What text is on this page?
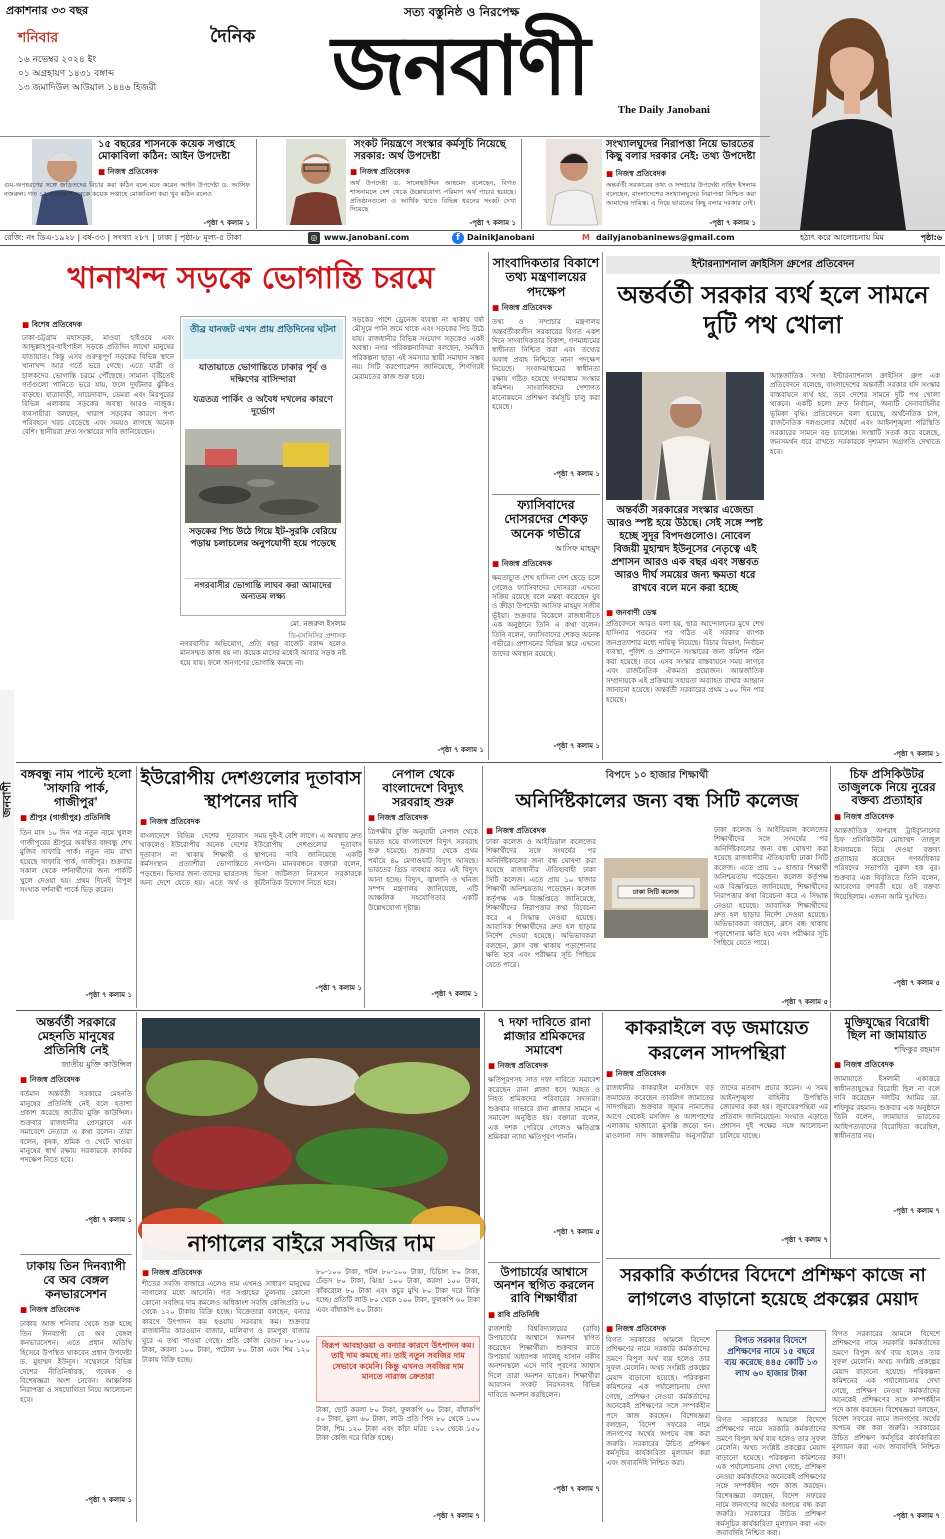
প্রকাশনার ৩৩ বছর
শনিবার
১৬ নভেম্বর ২০২৪ ইং
০১ অগ্রহায়ণ ১৪৩১ বঙ্গাব্দ
১৩ জমাদিউল আউয়াল ১৪৪৬ হিজরী
দৈনিক
সত্য বস্তুনিষ্ঠ ও নিরপেক্ষ
জনবাণী	The Daily Janobani
১৫ বছরের শাসনকে কয়েক সপ্তাহে মোকাবিলা কঠিন: আইন উপদেষ্টা
■ নিজস্ব প্রতিবেদক
গুম-অপহরণের সঙ্গে জড়িতদের বিচার করা কঠিন বলে মনে করেন আইন উপদেষ্টা ড. আসিফ নজরুল। গত ১৫ বছরের শাসনকে কয়েক সপ্তাহে মোকাবিলা করা খুব কঠিন বলেও
-পৃষ্ঠা ৭ কলাম ১
সংকট নিয়ন্ত্রণে সংস্কার কর্মসূচি নিয়েছে সরকার: অর্থ উপদেষ্টা
■ নিজস্ব প্রতিবেদক
অর্থ উপদেষ্টা ড. সালেহউদ্দিন আহমেদ বলেছেন, বিগত শাসনামলে দেশ থেকে উল্লেখযোগ্য পরিমাণ অর্থ পাচার হয়েছে। প্রতিষ্ঠানগুলো ও আর্থিক খাতে বিভিন্ন ধরনের সংকট দেখা দিয়েছে
-পৃষ্ঠা ৭ কলাম ১
সংখ্যালঘুদের নিরাপত্তা নিয়ে ভারতের কিছু বলার দরকার নেই: তথ্য উপদেষ্টা
■ নিজস্ব প্রতিবেদক
অন্তর্বর্তী সরকারের তথ্য ও সম্প্রচার উপদেষ্টা নাহিদ ইসলাম বলেছেন, বাংলাদেশের সংখ্যালঘুদের নিরাপত্তা নিশ্চিত করা আমাদের দায়িত্ব। এ নিয়ে ভারতের কিছু বলার দরকার নেই।
-পৃষ্ঠা ৭ কলাম ১
রেজি: নং ডিএ-১৯২৮ | বর্ষ-৩৩ | সংখ্যা ২৮৭ | ঢাকা | পৃষ্ঠা-৮ মূল্য-৫ টাকা	◎ www.janobani.com	f DainikJanobani	M dailyjanobaninews@gmail.com	হঠাৎ করে আলোচনায় মিম	পৃষ্ঠা:৬
জনবাণী
খানাখন্দ সড়কে ভোগান্তি চরমে
■ বিশেষ প্রতিবেদক
ঢাকা-চট্টগ্রাম মহাসড়ক, মাওয়া হাইওয়ে এবং আব্দুল্লাহপুর-বাইপাইল সড়কে প্রতিদিন লাখো মানুষের যাতায়াত। কিন্তু এসব গুরুত্বপূর্ণ সড়কের বিভিন্ন স্থানে খানাখন্দ আর গর্তে ভরে গেছে। এতে যাত্রী ও চালকদের ভোগান্তি চরমে পৌঁছেছে। সামান্য বৃষ্টিতেই গর্তগুলো পানিতে ভরে যায়, ফলে দুর্ঘটনার ঝুঁকিও বাড়ছে। যাত্রাবাড়ী, সায়েদাবাদ, ডেমরা এবং মিরপুরের বিভিন্ন এলাকায় সড়কের অবস্থা আরও নাজুক। ব্যবসায়ীরা বলছেন, খারাপ সড়কের কারণে পণ্য পরিবহনে খরচ বেড়েছে এবং সময়ও লাগছে অনেক বেশি। স্থানীয়রা দ্রুত সংস্কারের দাবি জানিয়েছেন।
তীব্র যানজট এখন প্রায় প্রতিদিনের ঘটনা
যাতায়াতে ভোগান্তিতে ঢাকার পূর্ব ও দক্ষিণের বাসিন্দারা
যত্রতত্র পার্কিং ও অবৈধ দখলের কারণে দুর্ভোগ
সড়কের পিচ উঠে গিয়ে ইট-সুরকি বেরিয়ে পড়ায় চলাচলের অনুপযোগী হয়ে পড়েছে
নগরবাসীর ভোগান্তি লাঘব করা আমাদের অন্যতম লক্ষ্য
মো. নজরুল ইসলাম
ডিএসসিসির প্রশাসক
নগরবাসীর অভিযোগ, প্রতি বছর বাজেট বরাদ্দ হলেও মানসম্মত কাজ হয় না। কয়েক মাসের মধ্যেই আবার সড়ক নষ্ট হয়ে যায়। ফলে জনগণের ভোগান্তি কমছে না।
সড়কের পাশে ড্রেনেজ ব্যবস্থা না থাকায় বর্ষা মৌসুমে পানি জমে থাকে এবং সড়কের পিচ উঠে যায়। রাজধানীর বিভিন্ন সংযোগ সড়কেও একই অবস্থা। নগর পরিকল্পনাবিদরা বলছেন, সমন্বিত পরিকল্পনা ছাড়া এই সমস্যার স্থায়ী সমাধান সম্ভব নয়। সিটি করপোরেশন জানিয়েছে, শিগগিরই মেরামতের কাজ শুরু হবে।
-পৃষ্ঠা ৭ কলাম ১
সাংবাদিকতার বিকাশে তথ্য মন্ত্রণালয়ের পদক্ষেপ
■ নিজস্ব প্রতিবেদক
তথ্য ও সম্প্রচার মন্ত্রণালয় অন্তর্বর্তীকালীন সরকারের বিগত একশ দিনে সাংবাদিকতার বিকাশ, গণমাধ্যমের স্বাধীনতা নিশ্চিত করা এবং তথ্যের অবাধ প্রবাহ নিশ্চিতে নানা পদক্ষেপ নিয়েছে। সংবাদমাধ্যমের স্বাধীনতা রক্ষায় গঠিত হয়েছে গণমাধ্যম সংস্কার কমিশন। সাংবাদিকদের পেশাগত মানোন্নয়নে প্রশিক্ষণ কর্মসূচি চালু করা হয়েছে।
-পৃষ্ঠা ৭ কলাম ১
ফ্যাসিবাদের দোসরদের শেকড় অনেক গভীরে
আসিফ মাহমুদ
■ নিজস্ব প্রতিবেদক
ক্ষমতাচ্যুত শেখ হাসিনা দেশ ছেড়ে চলে গেলেও ফ্যাসিবাদের দোসররা এখনো সক্রিয় রয়েছে বলে মন্তব্য করেছেন যুব ও ক্রীড়া উপদেষ্টা আসিফ মাহমুদ সজীব ভূঁইয়া। শুক্রবার বিকেলে রাজধানীতে এক অনুষ্ঠানে তিনি এ কথা বলেন। তিনি বলেন, ফ্যাসিবাদের শেকড় অনেক গভীরে। প্রশাসনের বিভিন্ন স্তরে এখনো তাদের অবস্থান রয়েছে।
-পৃষ্ঠা ৭ কলাম ১
ইন্টারন্যাশনাল ক্রাইসিস গ্রুপের প্রতিবেদন
অন্তর্বর্তী সরকার ব্যর্থ হলে সামনে দুটি পথ খোলা
আন্তর্জাতিক সংস্থা ইন্টারন্যাশনাল ক্রাইসিস গ্রুপ এক প্রতিবেদনে বলেছে, বাংলাদেশের অন্তর্বর্তী সরকার যদি সংস্কার বাস্তবায়নে ব্যর্থ হয়, তবে দেশের সামনে দুটি পথ খোলা থাকবে। একটি হলো দ্রুত নির্বাচন, অন্যটি সেনাবাহিনীর ভূমিকা বৃদ্ধি। প্রতিবেদনে বলা হয়েছে, অর্থনৈতিক চাপ, রাজনৈতিক দলগুলোর অধৈর্য এবং আইনশৃঙ্খলা পরিস্থিতি সরকারের সামনে বড় চ্যালেঞ্জ। সংস্থাটি সতর্ক করে বলেছে, জনসমর্থন ধরে রাখতে সরকারকে দৃশ্যমান অগ্রগতি দেখাতে হবে।
অন্তর্বর্তী সরকারের সংস্কার এজেন্ডা আরও স্পষ্ট হয়ে উঠছে। সেই সঙ্গে স্পষ্ট হচ্ছে সুদূর বিপদগুলোও। নোবেল বিজয়ী মুহাম্মদ ইউনূসের নেতৃত্বে এই প্রশাসন আরও এক বছর এবং সম্ভবত আরও দীর্ঘ সময়ের জন্য ক্ষমতা ধরে রাখবে বলে মনে করা হচ্ছে
■ জনবাণী ডেস্ক
প্রতিবেদনে আরও বলা হয়, ছাত্র আন্দোলনের মুখে শেখ হাসিনার পতনের পর গঠিত এই সরকার ব্যাপক জনপ্রত্যাশার মধ্যে দায়িত্ব নিয়েছে। বিচার বিভাগ, নির্বাচন ব্যবস্থা, পুলিশ ও প্রশাসনে সংস্কারের জন্য কমিশন গঠন করা হয়েছে। তবে এসব সংস্কার বাস্তবায়নে সময় লাগবে এবং রাজনৈতিক ঐকমত্য প্রয়োজন। আন্তর্জাতিক সম্প্রদায়কে এই প্রক্রিয়ায় সহায়তা অব্যাহত রাখার আহ্বান জানানো হয়েছে। অন্তর্বর্তী সরকারের প্রথম ১০০ দিন পার হয়েছে।
-পৃষ্ঠা ৭ কলাম ১
বঙ্গবন্ধু নাম পাল্টে হলো 'সাফারি পার্ক, গাজীপুর'
■ শ্রীপুর (গাজীপুর) প্রতিনিধি
তিন মাস ১০ দিন পর নতুন নামে খুলল গাজীপুরের শ্রীপুরে অবস্থিত বঙ্গবন্ধু শেখ মুজিব সাফারি পার্ক। নতুন নাম রাখা হয়েছে সাফারি পার্ক, গাজীপুর। শুক্রবার সকাল থেকে দর্শনার্থীদের জন্য পার্কটি খুলে দেওয়া হয়। প্রথম দিনেই বিপুল সংখ্যক দর্শনার্থী পার্কে ভিড় করেন।
-পৃষ্ঠা ৭ কলাম ১
ইউরোপীয় দেশগুলোর দূতাবাস স্থাপনের দাবি
■ নিজস্ব প্রতিবেদক
বাংলাদেশে বিভিন্ন দেশের দূতাবাস থাকলেও ইউরোপীয় অনেক দেশের দূতাবাস না থাকায় শিক্ষার্থী ও কর্মসংস্থান প্রত্যাশীরা ভোগান্তিতে পড়ছেন। ভিসার জন্য তাদের ভারতসহ অন্য দেশে যেতে হয়। এতে অর্থ ও সময় দুই-ই বেশি লাগে। এ অবস্থায় দ্রুত ইউরোপীয় দেশগুলোর দূতাবাস স্থাপনের দাবি জানিয়েছে একটি সংগঠন। মানববন্ধনে বক্তারা বলেন, ভিসা জটিলতা নিরসনে সরকারকে কূটনৈতিক উদ্যোগ নিতে হবে।
-পৃষ্ঠা ৭ কলাম ১
নেপাল থেকে বাংলাদেশে বিদ্যুৎ সরবরাহ শুরু
■ নিজস্ব প্রতিবেদক
ত্রিপক্ষীয় চুক্তি অনুযায়ী নেপাল থেকে ভারত হয়ে বাংলাদেশে বিদ্যুৎ সরবরাহ শুরু হয়েছে। শুক্রবার থেকে প্রথম পর্যায়ে ৪০ মেগাওয়াট বিদ্যুৎ আসছে। ভারতের গ্রিড ব্যবহার করে এই বিদ্যুৎ আনা হচ্ছে। বিদ্যুৎ, জ্বালানি ও খনিজ সম্পদ মন্ত্রণালয় জানিয়েছে, এটি আঞ্চলিক সহযোগিতার একটি উল্লেখযোগ্য দৃষ্টান্ত।
-পৃষ্ঠা ৭ কলাম ১
বিপদে ১০ হাজার শিক্ষার্থী
অনির্দিষ্টকালের জন্য বন্ধ সিটি কলেজ
■ নিজস্ব প্রতিবেদক
ঢাকা কলেজ ও আইডিয়াল কলেজের শিক্ষার্থীদের সঙ্গে সংঘর্ষের পর অনির্দিষ্টকালের জন্য বন্ধ ঘোষণা করা হয়েছে রাজধানীর ঐতিহ্যবাহী ঢাকা সিটি কলেজ। এতে প্রায় ১০ হাজার শিক্ষার্থী অনিশ্চয়তায় পড়েছেন। কলেজ কর্তৃপক্ষ এক বিজ্ঞপ্তিতে জানিয়েছে, শিক্ষার্থীদের নিরাপত্তার কথা বিবেচনা করে এ সিদ্ধান্ত নেওয়া হয়েছে। আবাসিক শিক্ষার্থীদের দ্রুত হল ছাড়ার নির্দেশ দেওয়া হয়েছে। অভিভাবকরা বলছেন, ক্লাস বন্ধ থাকায় পড়াশোনার ক্ষতি হবে এবং পরীক্ষার সূচি পিছিয়ে যেতে পারে।
ঢাকা সিটি কলেজ
ঢাকা কলেজ ও আইডিয়াল কলেজের শিক্ষার্থীদের সঙ্গে সংঘর্ষের পর অনির্দিষ্টকালের জন্য বন্ধ ঘোষণা করা হয়েছে রাজধানীর ঐতিহ্যবাহী ঢাকা সিটি কলেজ। এতে প্রায় ১০ হাজার শিক্ষার্থী অনিশ্চয়তায় পড়েছেন। কলেজ কর্তৃপক্ষ এক বিজ্ঞপ্তিতে জানিয়েছে, শিক্ষার্থীদের নিরাপত্তার কথা বিবেচনা করে এ সিদ্ধান্ত নেওয়া হয়েছে। আবাসিক শিক্ষার্থীদের দ্রুত হল ছাড়ার নির্দেশ দেওয়া হয়েছে। অভিভাবকরা বলছেন, ক্লাস বন্ধ থাকায় পড়াশোনার ক্ষতি হবে এবং পরীক্ষার সূচি পিছিয়ে যেতে পারে।
-পৃষ্ঠা ৭ কলাম ৫
চিফ প্রসিকিউটর তাজুলকে নিয়ে নুরের বক্তব্য প্রত্যাহার
■ নিজস্ব প্রতিবেদক
আন্তর্জাতিক অপরাধ ট্রাইব্যুনালের চিফ প্রসিকিউটর মোহাম্মদ তাজুল ইসলামকে নিয়ে দেওয়া বক্তব্য প্রত্যাহার করেছেন গণঅধিকার পরিষদের সভাপতি নুরুল হক নুর। শুক্রবার এক বিবৃতিতে তিনি বলেন, আবেগের বশবর্তী হয়ে ওই বক্তব্য দিয়েছিলাম। এজন্য আমি দুঃখিত।
-পৃষ্ঠা ৭ কলাম ৫
অন্তর্বর্তী সরকারে মেহনতি মানুষের প্রতিনিধি নেই
জাতীয় মুক্তি কাউন্সিল
■ নিজস্ব প্রতিবেদক
বর্তমান অন্তর্বর্তী সরকারে মেহনতি মানুষের প্রতিনিধি নেই বলে হতাশা প্রকাশ করেছে জাতীয় মুক্তি কাউন্সিল। শুক্রবার রাজধানীর প্রেসক্লাবে এক সমাবেশে নেতারা এ কথা বলেন। তারা বলেন, কৃষক, শ্রমিক ও খেটে খাওয়া মানুষের স্বার্থ রক্ষায় সরকারকে কার্যকর পদক্ষেপ নিতে হবে।
-পৃষ্ঠা ৭ কলাম ১
ঢাকায় তিন দিনব্যাপী বে অব বেঙ্গল কনভারসেশন
■ নিজস্ব প্রতিবেদক
ঢাকায় আজ শনিবার থেকে শুরু হচ্ছে তিন দিনব্যাপী বে অব বেঙ্গল কনভারসেশন। এতে প্রধান অতিথি হিসেবে উপস্থিত থাকবেন প্রধান উপদেষ্টা ড. মুহাম্মদ ইউনূস। সম্মেলনে বিভিন্ন দেশের নীতিনির্ধারক, গবেষক ও বিশেষজ্ঞরা অংশ নেবেন। আঞ্চলিক নিরাপত্তা ও সহযোগিতা নিয়ে আলোচনা হবে।
-পৃষ্ঠা ৭ কলাম ১
নাগালের বাইরে সবজির দাম
■ নিজস্ব প্রতিবেদক
শীতের সবজি বাজারে এলেও দাম এখনও সাধারণ মানুষের নাগালের মধ্যে আসেনি। গত সপ্তাহের তুলনায় কোনো কোনো সবজির দাম কমলেও অধিকাংশ সবজি কেজিপ্রতি ৮০ থেকে ১২০ টাকায় বিক্রি হচ্ছে। বিক্রেতারা বলছেন, বন্যার কারণে উৎপাদন কম হওয়ায় সরবরাহ কম। শুক্রবার রাজধানীর কারওয়ান বাজার, মালিবাগ ও রামপুরা বাজার ঘুরে এ তথ্য পাওয়া গেছে। প্রতি কেজি বেগুন ৮০-১০০ টাকা, করলা ১০০ টাকা, পটোল ৮০ টাকা এবং শিম ১২০ টাকায় বিক্রি হচ্ছে।
৮০-১০০ টাকা, পটল ৮০-১০০ টাকা, চিচিঙ্গা ৮০ টাকা, ঢেঁড়স ৮০ টাকা, ঝিঙা ১০০ টাকা, করলা ১০০ টাকা, কাঁকরোল ৮০ টাকা এবং কচুর মুখি ৮০ টাকা দরে বিক্রি হচ্ছে। প্রতিটি লাউ ৮০ থেকে ১০০ টাকা, ফুলকপি ৬০ টাকা এবং বাঁধাকপি ৫০ টাকা।
বিরূপ আবহাওয়া ও বন্যার কারণে উৎপাদন কম। তাই দাম কমছে না। তাই নতুন সবজির দাম সেভাবে কমেনি। কিন্তু এখনও সবজির দাম মানতে নারাজ ক্রেতারা
টাকা, ছোট করলা ৮০ টাকা, ফুলকপি ৬০ টাকা, বাঁধাকপি ৫০ টাকা, মুলা ৬০ টাকা, লাউ প্রতি পিস ৮০ থেকে ১০০ টাকা, শিম ১২০ টাকা এবং কাঁচা মরিচ ১২০ থেকে ১৫০ টাকা কেজি দরে বিক্রি হচ্ছে।
-পৃষ্ঠা ৭ কলাম ৭
৭ দফা দাবিতে রানা প্লাজার শ্রমিকদের সমাবেশ
■ নিজস্ব প্রতিবেদক
ক্ষতিপূরণসহ সাত দফা দাবিতে সমাবেশ করেছেন রানা প্লাজা ধসে আহত ও নিহত শ্রমিকদের পরিবারের সদস্যরা। শুক্রবার সাভারে রানা প্লাজার সামনে এ সমাবেশ অনুষ্ঠিত হয়। বক্তারা বলেন, এক দশক পেরিয়ে গেলেও ক্ষতিগ্রস্ত শ্রমিকরা ন্যায্য ক্ষতিপূরণ পাননি।
-পৃষ্ঠা ৭ কলাম ৫
উপাচার্যের আশ্বাসে অনশন স্থগিত করলেন রাবি শিক্ষার্থীরা
■ রাবি প্রতিনিধি
রাজশাহী বিশ্ববিদ্যালয়ের (রাবি) উপাচার্যের আশ্বাসে অনশন স্থগিত করেছেন শিক্ষার্থীরা। শুক্রবার রাতে উপাচার্য অধ্যাপক সালেহ্ হাসান নকীব অনশনস্থলে এসে দাবি পূরণের আশ্বাস দিলে তারা অনশন ভাঙেন। শিক্ষার্থীরা আবাসন সংকট নিরসনসহ বিভিন্ন দাবিতে অনশন করছিলেন।
-পৃষ্ঠা ৭ কলাম ৭
কাকরাইলে বড় জমায়েত করলেন সাদপন্থিরা
■ নিজস্ব প্রতিবেদক
রাজধানীর কাকরাইল মসজিদে বড় জমায়েত করেছেন তাবলিগ জামাতের সাদপন্থিরা। শুক্রবার জুমার নামাজের আগে থেকেই মসজিদ ও আশপাশের এলাকায় হাজারো মুসল্লি জড়ো হন। মাওলানা সাদ কান্ধলভীর অনুসারীরা তাদের মতবাদ প্রচার করেন। এ সময় আইনশৃঙ্খলা বাহিনীর উপস্থিতি জোরদার করা হয়। জুবায়েরপন্থিরা এর প্রতিবাদ জানিয়েছেন। সংঘাত এড়াতে প্রশাসন দুই পক্ষের সঙ্গে আলোচনা চালিয়ে যাচ্ছে।
-পৃষ্ঠা ৭ কলাম ৭
মুক্তিযুদ্ধের বিরোধী ছিল না জামায়াত
শফিকুর রহমান
■ নিজস্ব প্রতিবেদক
জামায়াতে ইসলামী একাত্তরে স্বাধীনতাযুদ্ধের বিরোধী ছিল না বলে দাবি করেছেন দলটির আমির ডা. শফিকুর রহমান। শুক্রবার এক অনুষ্ঠানে তিনি বলেন, জামায়াত ভারতের আধিপত্যবাদের বিরোধিতা করেছিল, স্বাধীনতার নয়।
-পৃষ্ঠা ৭ কলাম ৭
সরকারি কর্তাদের বিদেশে প্রশিক্ষণ কাজে না লাগলেও বাড়ানো হয়েছে প্রকল্পের মেয়াদ
■ নিজস্ব প্রতিবেদক
বিগত সরকারের আমলে বিদেশে প্রশিক্ষণের নামে সরকারি কর্মকর্তাদের ভ্রমণে বিপুল অর্থ ব্যয় হলেও তার সুফল মেলেনি। অথচ সংশ্লিষ্ট প্রকল্পের মেয়াদ বাড়ানো হয়েছে। পরিকল্পনা কমিশনের এক পর্যালোচনায় দেখা গেছে, প্রশিক্ষণ নেওয়া কর্মকর্তাদের অনেকেই প্রশিক্ষণের সঙ্গে সম্পর্কহীন পদে কাজ করছেন। বিশেষজ্ঞরা বলছেন, বিদেশ সফরের নামে জনগণের অর্থের অপচয় বন্ধ করা জরুরি। সরকারের উচিত প্রশিক্ষণ কর্মসূচির কার্যকারিতা মূল্যায়ন করা এবং জবাবদিহি নিশ্চিত করা।
বিগত সরকার বিদেশে প্রশিক্ষণের নামে ১৫ বছরে ব্যয় করেছে ৪৪৫ কোটি ১৩ লাখ ৬০ হাজার টাকা
বিগত সরকারের আমলে বিদেশে প্রশিক্ষণের নামে সরকারি কর্মকর্তাদের ভ্রমণে বিপুল অর্থ ব্যয় হলেও তার সুফল মেলেনি। অথচ সংশ্লিষ্ট প্রকল্পের মেয়াদ বাড়ানো হয়েছে। পরিকল্পনা কমিশনের এক পর্যালোচনায় দেখা গেছে, প্রশিক্ষণ নেওয়া কর্মকর্তাদের অনেকেই প্রশিক্ষণের সঙ্গে সম্পর্কহীন পদে কাজ করছেন। বিশেষজ্ঞরা বলছেন, বিদেশ সফরের নামে জনগণের অর্থের অপচয় বন্ধ করা জরুরি। সরকারের উচিত প্রশিক্ষণ কর্মসূচির কার্যকারিতা মূল্যায়ন করা এবং জবাবদিহি নিশ্চিত করা।
বিগত সরকারের আমলে বিদেশে প্রশিক্ষণের নামে সরকারি কর্মকর্তাদের ভ্রমণে বিপুল অর্থ ব্যয় হলেও তার সুফল মেলেনি। অথচ সংশ্লিষ্ট প্রকল্পের মেয়াদ বাড়ানো হয়েছে। পরিকল্পনা কমিশনের এক পর্যালোচনায় দেখা গেছে, প্রশিক্ষণ নেওয়া কর্মকর্তাদের অনেকেই প্রশিক্ষণের সঙ্গে সম্পর্কহীন পদে কাজ করছেন। বিশেষজ্ঞরা বলছেন, বিদেশ সফরের নামে জনগণের অর্থের অপচয় বন্ধ করা জরুরি। সরকারের উচিত প্রশিক্ষণ কর্মসূচির কার্যকারিতা মূল্যায়ন করা এবং জবাবদিহি নিশ্চিত করা।
-পৃষ্ঠা ৭ কলাম ৭
